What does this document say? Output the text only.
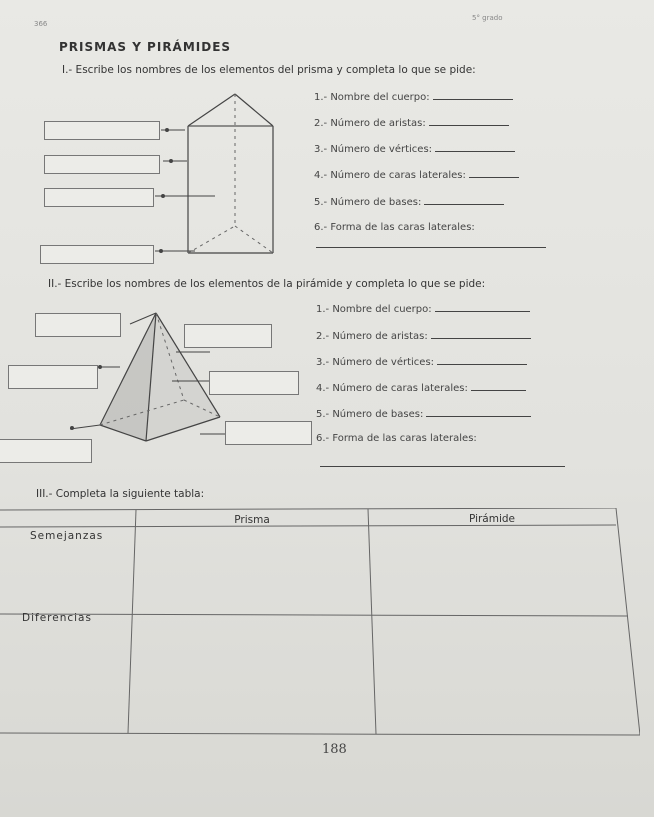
366
5° grado
PRISMAS Y PIRÁMIDES
I.- Escribe los nombres de los elementos del prisma y completa lo que se pide:
1.- Nombre del cuerpo:
2.- Número de aristas:
3.- Número de vértices:
4.- Número de caras laterales:
5.- Número de bases:
6.- Forma de las caras laterales:
II.- Escribe los nombres de los elementos de la pirámide y completa lo que se pide:
1.- Nombre del cuerpo:
2.- Número de aristas:
3.- Número de vértices:
4.- Número de caras laterales:
5.- Número de bases:
6.- Forma de las caras laterales:
III.- Completa la siguiente tabla:
Prisma	Pirámide
Semejanzas
Diferencias
188
